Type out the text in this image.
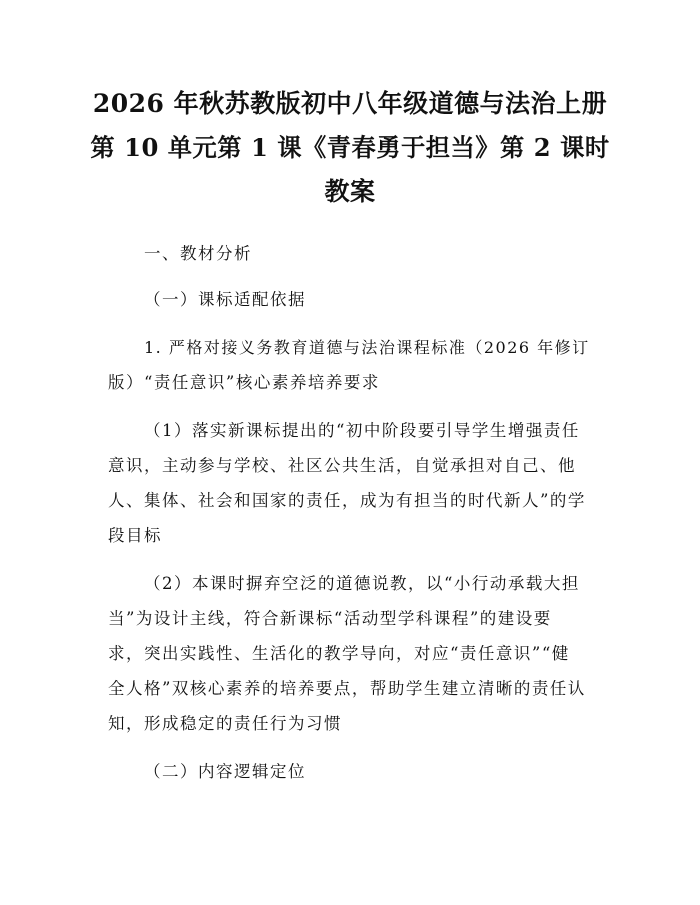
2026 年秋苏教版初中八年级道德与法治上册
第 10 单元第 1 课《青春勇于担当》第 2 课时
教案
一、教材分析
（一）课标适配依据
1. 严格对接义务教育道德与法治课程标准（2026 年修订
版）“责任意识”核心素养培养要求
（1）落实新课标提出的“初中阶段要引导学生增强责任
意识，主动参与学校、社区公共生活，自觉承担对自己、他
人、集体、社会和国家的责任，成为有担当的时代新人”的学
段目标
（2）本课时摒弃空泛的道德说教，以“小行动承载大担
当”为设计主线，符合新课标“活动型学科课程”的建设要
求，突出实践性、生活化的教学导向，对应“责任意识”“健
全人格”双核心素养的培养要点，帮助学生建立清晰的责任认
知，形成稳定的责任行为习惯
（二）内容逻辑定位
